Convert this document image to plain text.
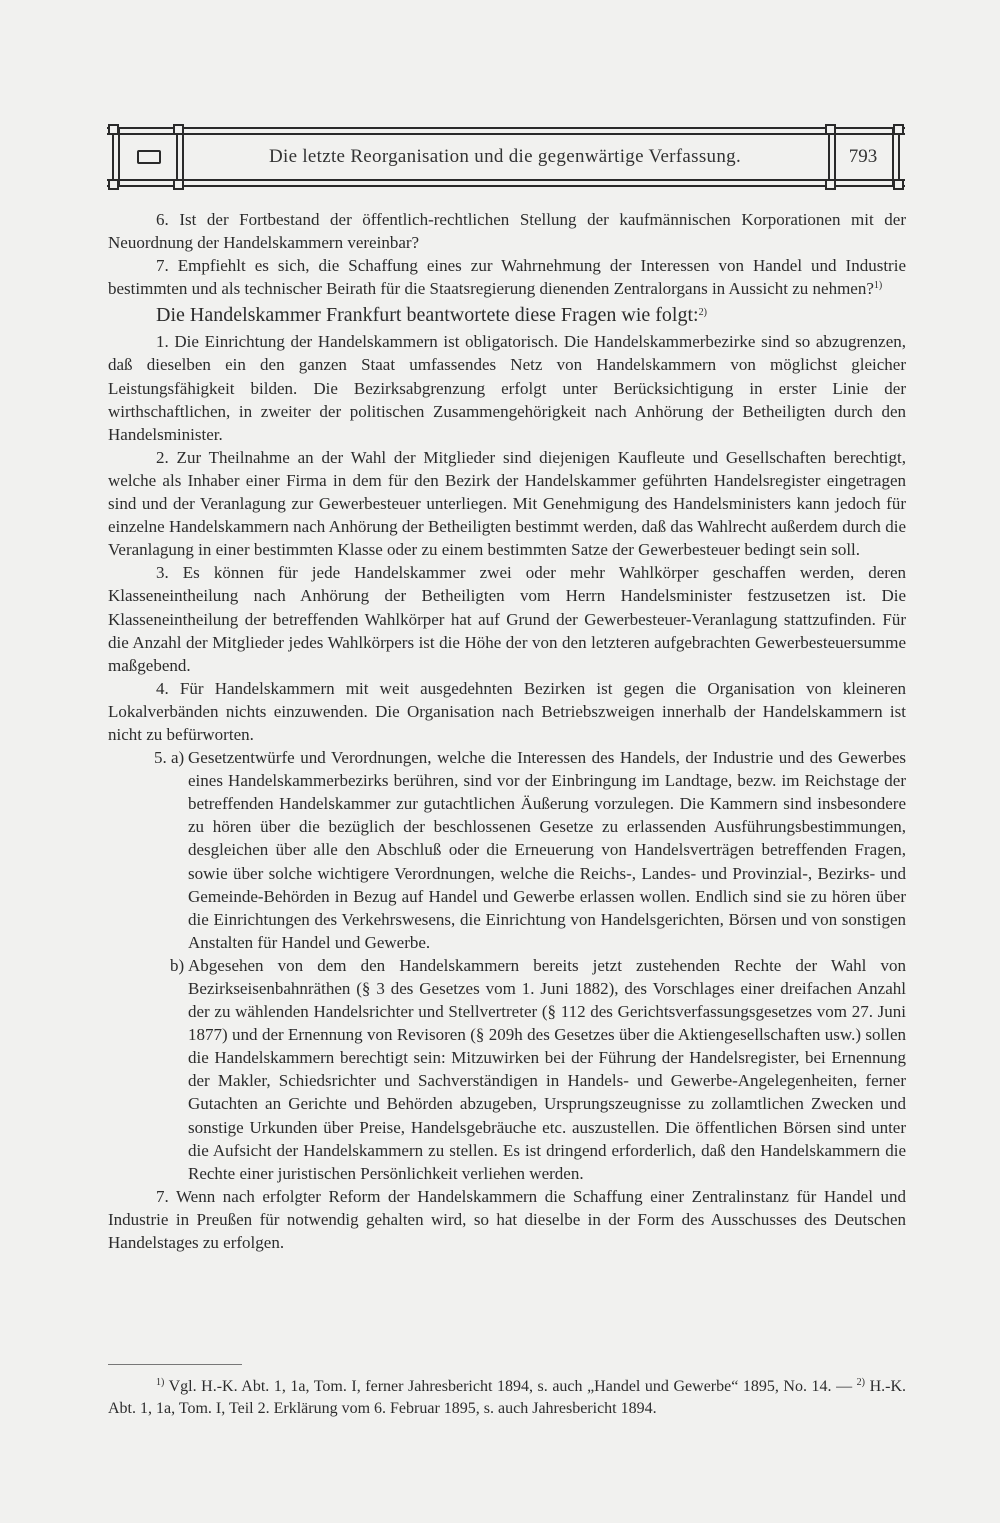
Die letzte Reorganisation und die gegenwärtige Verfassung.	793

6. Ist der Fortbestand der öffentlich-rechtlichen Stellung der kaufmännischen Korporationen mit der Neuordnung der Handelskammern vereinbar?

7. Empfiehlt es sich, die Schaffung eines zur Wahrnehmung der Interessen von Handel und Industrie bestimmten und als technischer Beirath für die Staatsregierung dienenden Zentralorgans in Aussicht zu nehmen?$^{1)}$

Die Handelskammer Frankfurt beantwortete diese Fragen wie folgt:$^{2)}$

1. Die Einrichtung der Handelskammern ist obligatorisch. Die Handelskammerbezirke sind so abzugrenzen, daß dieselben ein den ganzen Staat umfassendes Netz von Handelskammern von möglichst gleicher Leistungsfähigkeit bilden. Die Bezirksabgrenzung erfolgt unter Berücksichtigung in erster Linie der wirthschaftlichen, in zweiter der politischen Zusammengehörigkeit nach Anhörung der Betheiligten durch den Handelsminister.

2. Zur Theilnahme an der Wahl der Mitglieder sind diejenigen Kaufleute und Gesellschaften berechtigt, welche als Inhaber einer Firma in dem für den Bezirk der Handelskammer geführten Handelsregister eingetragen sind und der Veranlagung zur Gewerbesteuer unterliegen. Mit Genehmigung des Handelsministers kann jedoch für einzelne Handelskammern nach Anhörung der Betheiligten bestimmt werden, daß das Wahlrecht außerdem durch die Veranlagung in einer bestimmten Klasse oder zu einem bestimmten Satze der Gewerbesteuer bedingt sein soll.

3. Es können für jede Handelskammer zwei oder mehr Wahlkörper geschaffen werden, deren Klasseneintheilung nach Anhörung der Betheiligten vom Herrn Handelsminister festzusetzen ist. Die Klasseneintheilung der betreffenden Wahlkörper hat auf Grund der Gewerbesteuer-Veranlagung stattzufinden. Für die Anzahl der Mitglieder jedes Wahlkörpers ist die Höhe der von den letzteren aufgebrachten Gewerbesteuersumme maßgebend.

4. Für Handelskammern mit weit ausgedehnten Bezirken ist gegen die Organisation von kleineren Lokalverbänden nichts einzuwenden. Die Organisation nach Betriebszweigen innerhalb der Handelskammern ist nicht zu befürworten.

5. a) Gesetzentwürfe und Verordnungen, welche die Interessen des Handels, der Industrie und des Gewerbes eines Handelskammerbezirks berühren, sind vor der Einbringung im Landtage, bezw. im Reichstage der betreffenden Handelskammer zur gutachtlichen Äußerung vorzulegen. Die Kammern sind insbesondere zu hören über die bezüglich der beschlossenen Gesetze zu erlassenden Ausführungsbestimmungen, desgleichen über alle den Abschluß oder die Erneuerung von Handelsverträgen betreffenden Fragen, sowie über solche wichtigere Verordnungen, welche die Reichs-, Landes- und Provinzial-, Bezirks- und Gemeinde-Behörden in Bezug auf Handel und Gewerbe erlassen wollen. Endlich sind sie zu hören über die Einrichtungen des Verkehrswesens, die Einrichtung von Handelsgerichten, Börsen und von sonstigen Anstalten für Handel und Gewerbe.
b) Abgesehen von dem den Handelskammern bereits jetzt zustehenden Rechte der Wahl von Bezirkseisenbahnräthen (§ 3 des Gesetzes vom 1. Juni 1882), des Vorschlages einer dreifachen Anzahl der zu wählenden Handelsrichter und Stellvertreter (§ 112 des Gerichtsverfassungsgesetzes vom 27. Juni 1877) und der Ernennung von Revisoren (§ 209h des Gesetzes über die Aktiengesellschaften usw.) sollen die Handelskammern berechtigt sein: Mitzuwirken bei der Führung der Handelsregister, bei Ernennung der Makler, Schiedsrichter und Sachverständigen in Handels- und Gewerbe-Angelegenheiten, ferner Gutachten an Gerichte und Behörden abzugeben, Ursprungszeugnisse zu zollamtlichen Zwecken und sonstige Urkunden über Preise, Handelsgebräuche etc. auszustellen. Die öffentlichen Börsen sind unter die Aufsicht der Handelskammern zu stellen. Es ist dringend erforderlich, daß den Handelskammern die Rechte einer juristischen Persönlichkeit verliehen werden.

7. Wenn nach erfolgter Reform der Handelskammern die Schaffung einer Zentralinstanz für Handel und Industrie in Preußen für notwendig gehalten wird, so hat dieselbe in der Form des Ausschusses des Deutschen Handelstages zu erfolgen.

$^{1)}$ Vgl. H.-K. Abt. 1, 1a, Tom. I, ferner Jahresbericht 1894, s. auch „Handel und Gewerbe“ 1895, No. 14. — $^{2)}$ H.-K. Abt. 1, 1a, Tom. I, Teil 2. Erklärung vom 6. Februar 1895, s. auch Jahresbericht 1894.
